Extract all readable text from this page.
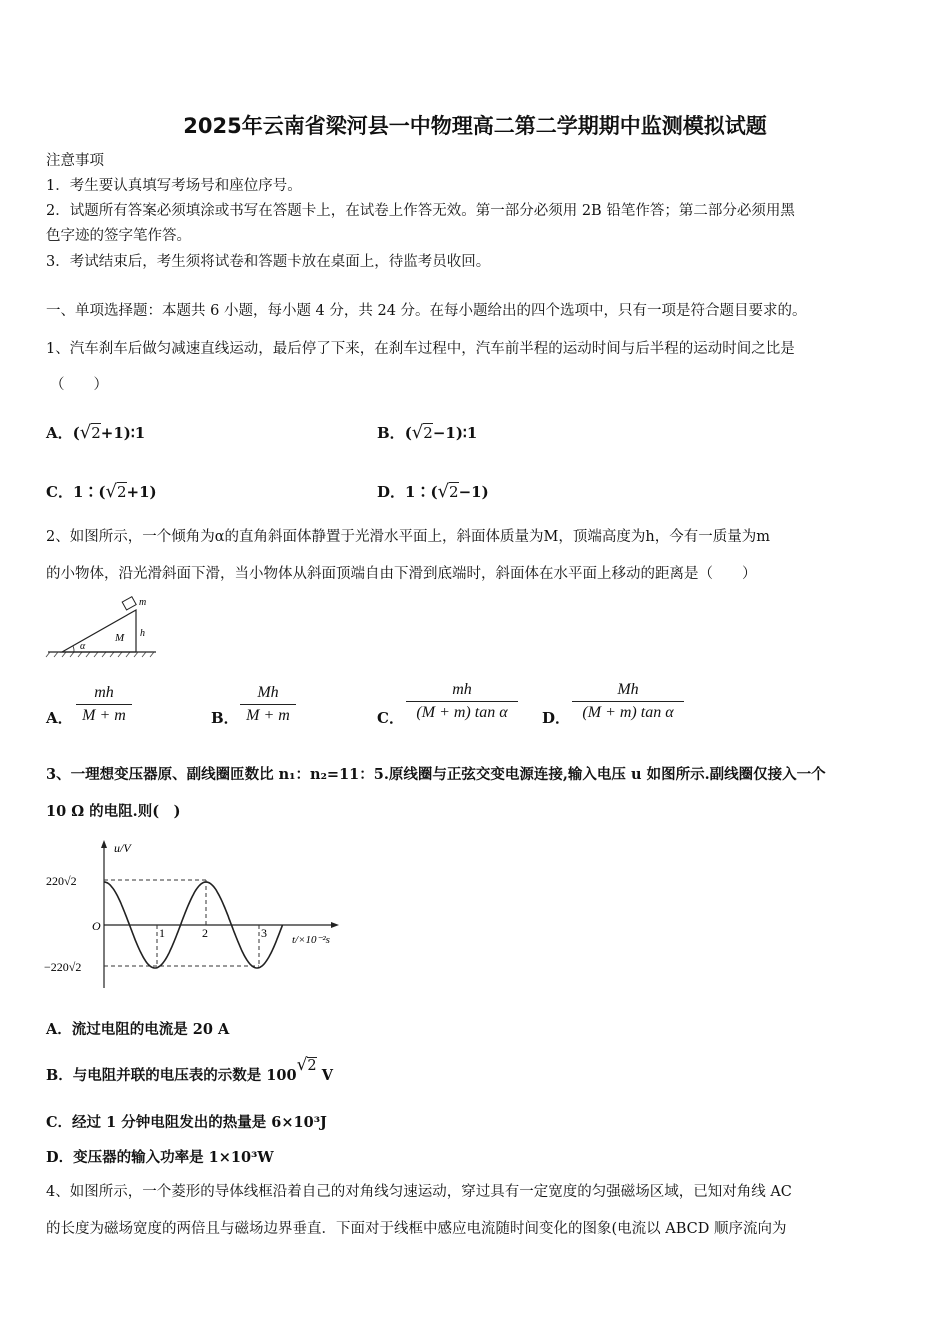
2025年云南省梁河县一中物理高二第二学期期中监测模拟试题
注意事项
1．考生要认真填写考场号和座位序号。
2．试题所有答案必须填涂或书写在答题卡上，在试卷上作答无效。第一部分必须用 2B 铅笔作答；第二部分必须用黑
色字迹的签字笔作答。
3．考试结束后，考生须将试卷和答题卡放在桌面上，待监考员收回。
一、单项选择题：本题共 6 小题，每小题 4 分，共 24 分。在每小题给出的四个选项中，只有一项是符合题目要求的。
1、汽车刹车后做匀减速直线运动，最后停了下来，在刹车过程中，汽车前半程的运动时间与后半程的运动时间之比是
（　　）
A．(√2+1)∶1	B．(√2−1)∶1
C．1∶(√2+1)	D．1∶(√2−1)
2、如图所示，一个倾角为α的直角斜面体静置于光滑水平面上，斜面体质量为M，顶端高度为h，今有一质量为m
的小物体，沿光滑斜面下滑，当小物体从斜面顶端自由下滑到底端时，斜面体在水平面上移动的距离是（　　）
α
M h
m
A．
mh
M + m	B．
Mh
M + m	C．
mh
(M + m) tan α	D．
Mh
(M + m) tan α
3、一理想变压器原、副线圈匝数比 n₁：n₂=11：5.原线圈与正弦交变电源连接,输入电压 u 如图所示.副线圈仅接入一个
10 Ω 的电阻.则(　)
u/V
t/×10⁻²s
O
220√2
−220√2
1	2	3
A．流过电阻的电流是 20 A
B．与电阻并联的电压表的示数是 100√2 V
C．经过 1 分钟电阻发出的热量是 6×10³J
D．变压器的输入功率是 1×10³W
4、如图所示，一个菱形的导体线框沿着自己的对角线匀速运动，穿过具有一定宽度的匀强磁场区域，已知对角线 AC
的长度为磁场宽度的两倍且与磁场边界垂直．下面对于线框中感应电流随时间变化的图象(电流以 ABCD 顺序流向为
